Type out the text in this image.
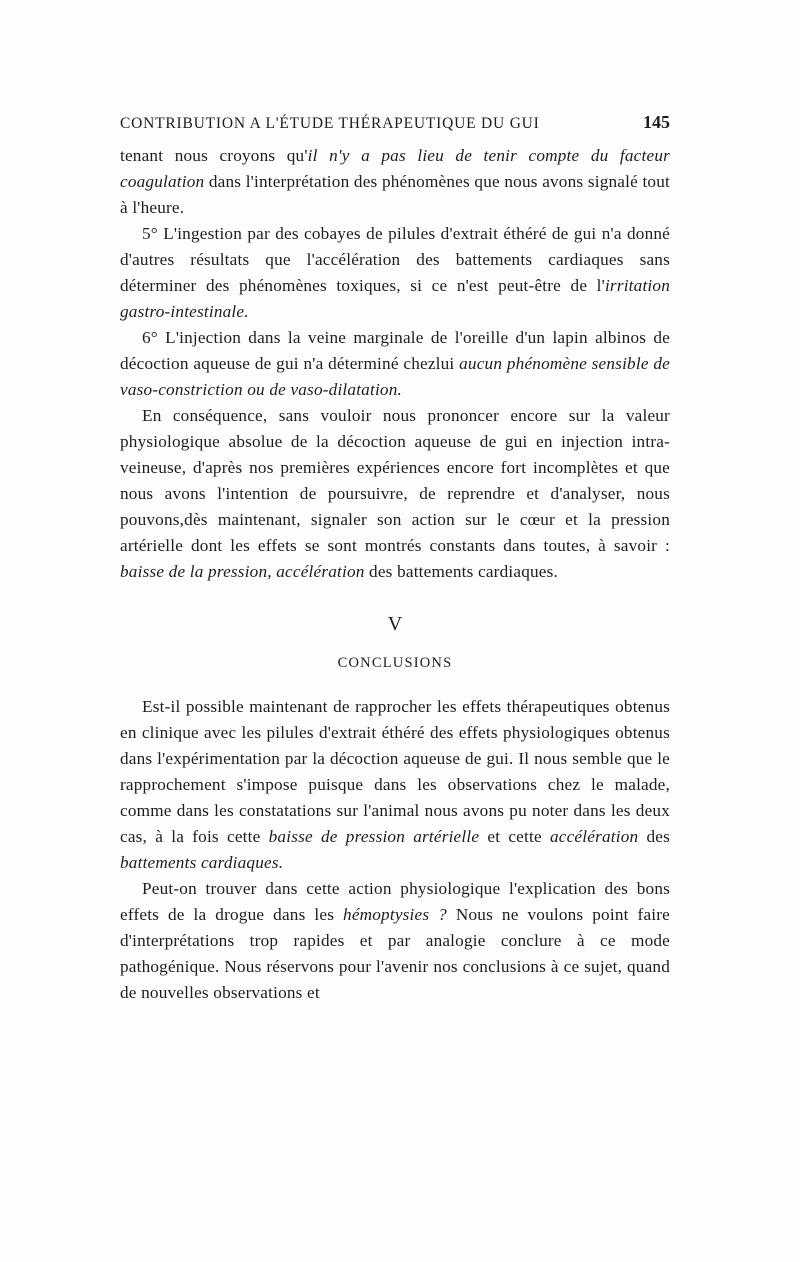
CONTRIBUTION A L'ÉTUDE THÉRAPEUTIQUE DU GUI	145

tenant nous croyons qu'il n'y a pas lieu de tenir compte du facteur coagulation dans l'interprétation des phénomènes que nous avons signalé tout à l'heure.

5° L'ingestion par des cobayes de pilules d'extrait éthéré de gui n'a donné d'autres résultats que l'accélération des battements cardiaques sans déterminer des phénomènes toxiques, si ce n'est peut-être de l'irritation gastro-intestinale.

6° L'injection dans la veine marginale de l'oreille d'un lapin albinos de décoction aqueuse de gui n'a déterminé chezlui aucun phénomène sensible de vaso-constriction ou de vaso-dilatation.

En conséquence, sans vouloir nous prononcer encore sur la valeur physiologique absolue de la décoction aqueuse de gui en injection intra-veineuse, d'après nos premières expériences encore fort incomplètes et que nous avons l'intention de poursuivre, de reprendre et d'analyser, nous pouvons,dès maintenant, signaler son action sur le cœur et la pression artérielle dont les effets se sont montrés constants dans toutes, à savoir : baisse de la pression, accélération des battements cardiaques.

V
CONCLUSIONS

Est-il possible maintenant de rapprocher les effets thérapeutiques obtenus en clinique avec les pilules d'extrait éthéré des effets physiologiques obtenus dans l'expérimentation par la décoction aqueuse de gui. Il nous semble que le rapprochement s'impose puisque dans les observations chez le malade, comme dans les constatations sur l'animal nous avons pu noter dans les deux cas, à la fois cette baisse de pression artérielle et cette accélération des battements cardiaques.

Peut-on trouver dans cette action physiologique l'explication des bons effets de la drogue dans les hémoptysies ? Nous ne voulons point faire d'interprétations trop rapides et par analogie conclure à ce mode pathogénique. Nous réservons pour l'avenir nos conclusions à ce sujet, quand de nouvelles observations et
